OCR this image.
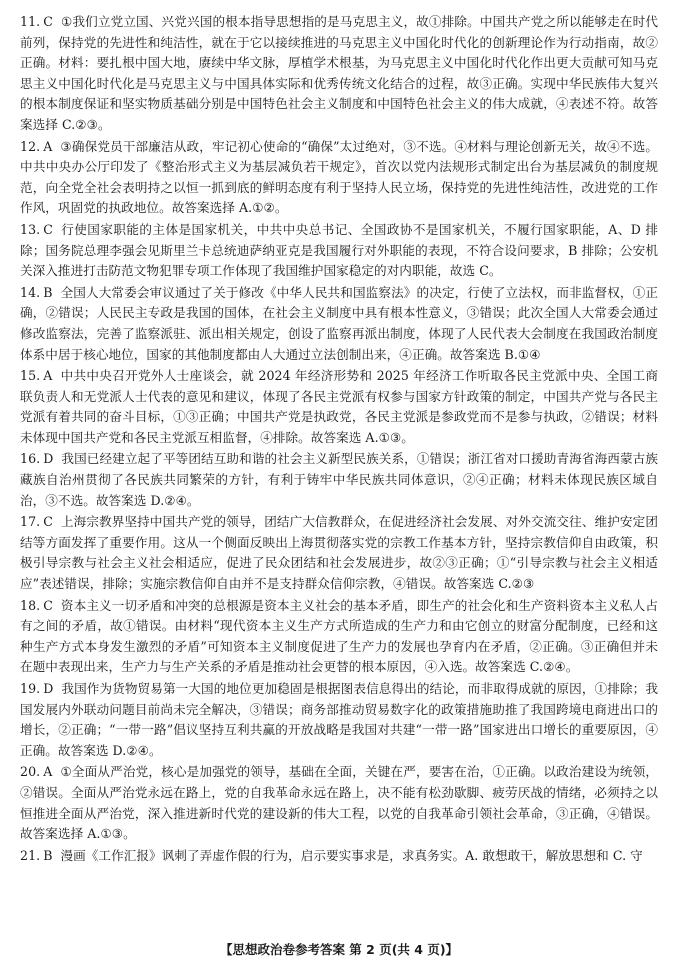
11. C ①我们立党立国、兴党兴国的根本指导思想指的是马克思主义，故①排除。中国共产党之所以能够走在时代前列，保持党的先进性和纯洁性，就在于它以接续推进的马克思主义中国化时代化的创新理论作为行动指南，故②正确。材料：要扎根中国大地，赓续中华文脉，厚植学术根基，为马克思主义中国化时代化作出更大贡献可知马克思主义中国化时代化是马克思主义与中国具体实际和优秀传统文化结合的过程，故③正确。实现中华民族伟大复兴的根本制度保证和坚实物质基础分别是中国特色社会主义制度和中国特色社会主义的伟大成就，④表述不符。故答案选择 C.②③。

12. A ③确保党员干部廉洁从政，牢记初心使命的“确保”太过绝对，③不选。④材料与理论创新无关，故④不选。中共中央办公厅印发了《整治形式主义为基层减负若干规定》，首次以党内法规形式制定出台为基层减负的制度规范，向全党全社会表明持之以恒一抓到底的鲜明态度有利于坚持人民立场，保持党的先进性纯洁性，改进党的工作作风，巩固党的执政地位。故答案选择 A.①②。

13. C 行使国家职能的主体是国家机关，中共中央总书记、全国政协不是国家机关，不履行国家职能，A、D 排除；国务院总理李强会见斯里兰卡总统迪萨纳亚克是我国履行对外职能的表现，不符合设问要求，B 排除；公安机关深入推进打击防范文物犯罪专项工作体现了我国维护国家稳定的对内职能，故选 C。

14. B 全国人大常委会审议通过了关于修改《中华人民共和国监察法》的决定，行使了立法权，而非监督权，①正确，②错误；人民民主专政是我国的国体，在社会主义制度中具有根本性意义，③错误；此次全国人大常委会通过修改监察法，完善了监察派驻、派出相关规定，创设了监察再派出制度，体现了人民代表大会制度在我国政治制度体系中居于核心地位，国家的其他制度都由人大通过立法创制出来，④正确。故答案选 B.①④

15. A 中共中央召开党外人士座谈会，就 2024 年经济形势和 2025 年经济工作听取各民主党派中央、全国工商联负责人和无党派人士代表的意见和建议，体现了各民主党派有权参与国家方针政策的制定，中国共产党与各民主党派有着共同的奋斗目标，①③正确；中国共产党是执政党，各民主党派是参政党而不是参与执政，②错误；材料未体现中国共产党和各民主党派互相监督，④排除。故答案选 A.①③。

16. D 我国已经建立起了平等团结互助和谐的社会主义新型民族关系，①错误；浙江省对口援助青海省海西蒙古族藏族自治州贯彻了各民族共同繁荣的方针，有利于铸牢中华民族共同体意识，②④正确；材料未体现民族区域自治，③不选。故答案选 D.②④。

17. C 上海宗教界坚持中国共产党的领导，团结广大信教群众，在促进经济社会发展、对外交流交往、维护安定团结等方面发挥了重要作用。这从一个侧面反映出上海贯彻落实党的宗教工作基本方针，坚持宗教信仰自由政策，积极引导宗教与社会主义社会相适应，促进了民众团结和社会发展进步，故②③正确；①“引导宗教与社会主义相适应”表述错误，排除；实施宗教信仰自由并不是支持群众信仰宗教，④错误。故答案选 C.②③

18. C 资本主义一切矛盾和冲突的总根源是资本主义社会的基本矛盾，即生产的社会化和生产资料资本主义私人占有之间的矛盾，故①错误。由材料“现代资本主义生产方式所造成的生产力和由它创立的财富分配制度，已经和这种生产方式本身发生激烈的矛盾”可知资本主义制度促进了生产力的发展也孕育内在矛盾，②正确。③正确但并未在题中表现出来，生产力与生产关系的矛盾是推动社会更替的根本原因，④入选。故答案选 C.②④。

19. D 我国作为货物贸易第一大国的地位更加稳固是根据图表信息得出的结论，而非取得成就的原因，①排除；我国发展内外联动问题目前尚未完全解决，③错误；商务部推动贸易数字化的政策措施助推了我国跨境电商进出口的增长，②正确；“一带一路”倡议坚持互利共赢的开放战略是我国对共建“一带一路”国家进出口增长的重要原因，④正确。故答案选 D.②④。

20. A ①全面从严治党，核心是加强党的领导，基础在全面，关键在严，要害在治，①正确。以政治建设为统领，②错误。全面从严治党永远在路上，党的自我革命永远在路上，决不能有松劲歇脚、疲劳厌战的情绪，必须持之以恒推进全面从严治党，深入推进新时代党的建设新的伟大工程，以党的自我革命引领社会革命，③正确，④错误。故答案选择 A.①③。

21. B 漫画《工作汇报》讽刺了弄虚作假的行为，启示要实事求是，求真务实。A. 敢想敢干，解放思想和 C. 守

【思想政治卷参考答案 第 2 页(共 4 页)】
